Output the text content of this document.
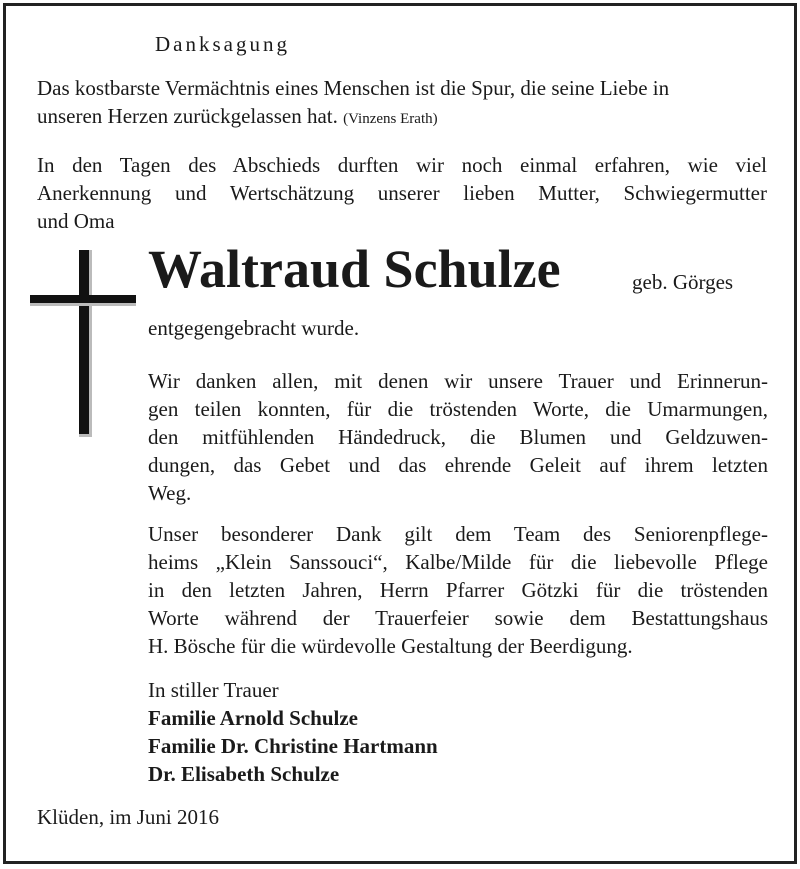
Danksagung

Das kostbarste Vermächtnis eines Menschen ist die Spur, die seine Liebe in
unseren Herzen zurückgelassen hat. (Vinzens Erath)
In den Tagen des Abschieds durften wir noch einmal erfahren, wie viel
Anerkennung und Wertschätzung unserer lieben Mutter, Schwiegermutter
und Oma

Waltraud Schulze	geb. Görges

entgegengebracht wurde.

Wir danken allen, mit denen wir unsere Trauer und Erinnerun-
gen teilen konnten, für die tröstenden Worte, die Umarmungen,
den mitfühlenden Händedruck, die Blumen und Geldzuwen-
dungen, das Gebet und das ehrende Geleit auf ihrem letzten
Weg.
Unser besonderer Dank gilt dem Team des Seniorenpflege-
heims „Klein Sanssouci“, Kalbe/Milde für die liebevolle Pflege
in den letzten Jahren, Herrn Pfarrer Götzki für die tröstenden
Worte während der Trauerfeier sowie dem Bestattungshaus
H. Bösche für die würdevolle Gestaltung der Beerdigung.
In stiller Trauer
Familie Arnold Schulze
Familie Dr. Christine Hartmann
Dr. Elisabeth Schulze

Klüden, im Juni 2016
